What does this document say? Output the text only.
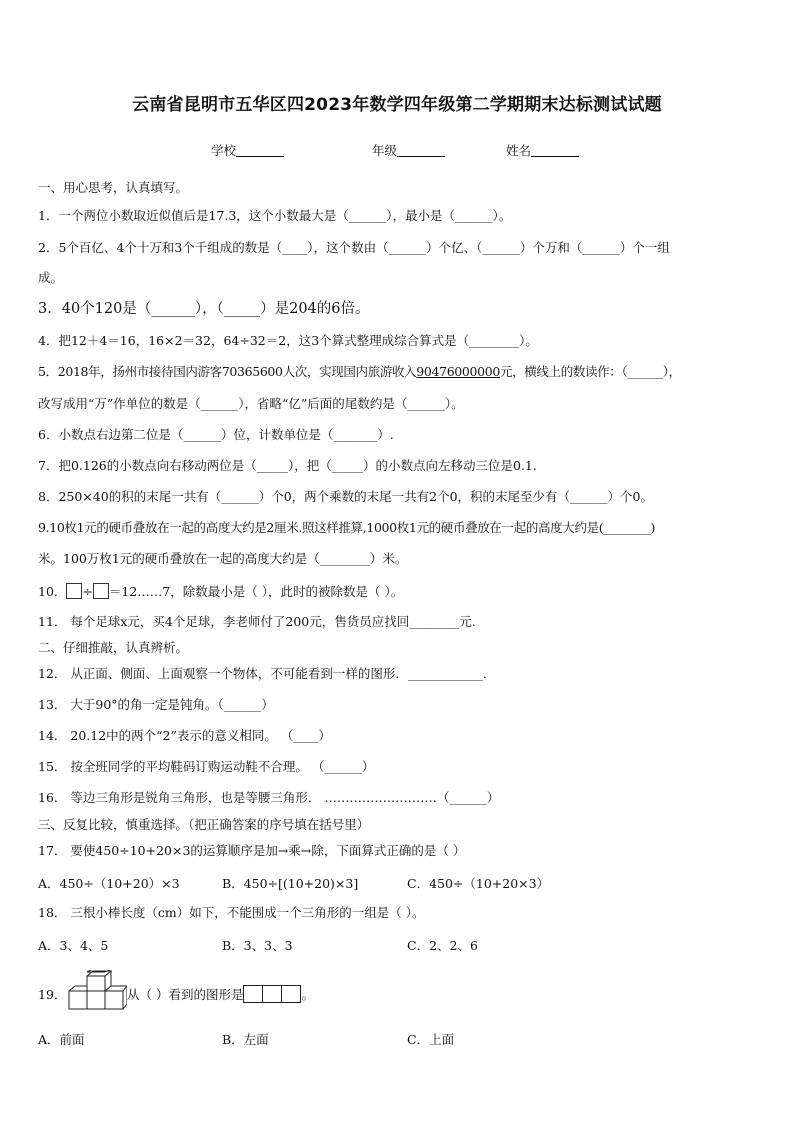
云南省昆明市五华区四2023年数学四年级第二学期期末达标测试试题
学校	年级	姓名
一、用心思考，认真填写。
1．一个两位小数取近似值后是17.3，这个小数最大是（______），最小是（______）。
2．5个百亿、4个十万和3个千组成的数是（____），这个数由（______）个亿、（______）个万和（______）个一组
成。
3．40个120是（______），（_____）是204的6倍。
4．把12＋4＝16，16×2＝32，64÷32＝2，这3个算式整理成综合算式是（________）。
5．2018年，扬州市接待国内游客70365600人次，实现国内旅游收入90476000000元，横线上的数读作：（______），
改写成用“万”作单位的数是（______），省略“亿”后面的尾数约是（______）。
6．小数点右边第二位是（______）位，计数单位是（_______）.
7．把0.126的小数点向右移动两位是（_____），把（_____）的小数点向左移动三位是0.1.
8．250×40的积的末尾一共有（______）个0，两个乘数的末尾一共有2个0，积的末尾至少有（______）个0。
9.10枚1元的硬币叠放在一起的高度大约是2厘米.照这样推算,1000枚1元的硬币叠放在一起的高度大约是(________)
米。100万枚1元的硬币叠放在一起的高度大约是（________）米。
10． ÷ ＝12……7，除数最小是（ ），此时的被除数是（ ）。
11． 每个足球x元，买4个足球，李老师付了200元，售货员应找回________元.
二、仔细推敲，认真辨析。
12． 从正面、侧面、上面观察一个物体，不可能看到一样的图形．____________．
13． 大于90°的角一定是钝角。（______）
14． 20.12中的两个“2”表示的意义相同。 （____）
15． 按全班同学的平均鞋码订购运动鞋不合理。 （______）
16． 等边三角形是锐角三角形，也是等腰三角形． ………………………（______）
三、反复比较，慎重选择。（把正确答案的序号填在括号里）
17． 要使450÷10+20×3的运算顺序是加→乘→除，下面算式正确的是（ ）
A．450÷（10+20）×3	B．450÷[(10+20)×3]	C．450÷（10+20×3）
18． 三根小棒长度（cm）如下，不能围成一个三角形的一组是（ ）。
A．3、4、5	B．3、3、3	C．2、2、6
19．	从（ ）看到的图形是	。
A．前面	B．左面	C．上面
